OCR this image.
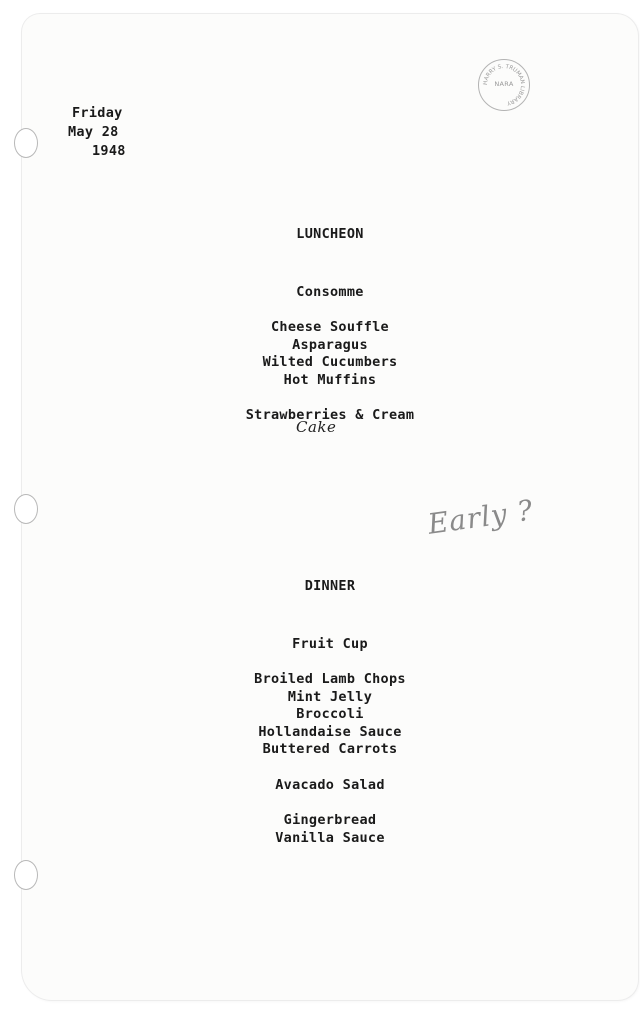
Friday
May 28
1948
HARRY S. TRUMAN LIBRARY
NARA
LUNCHEON
Consomme
Cheese Souffle
Asparagus
Wilted Cucumbers
Hot Muffins
Strawberries & Cream
Cake
Early ?
DINNER
Fruit Cup
Broiled Lamb Chops
Mint Jelly
Broccoli
Hollandaise Sauce
Buttered Carrots
Avacado Salad
Gingerbread
Vanilla Sauce
